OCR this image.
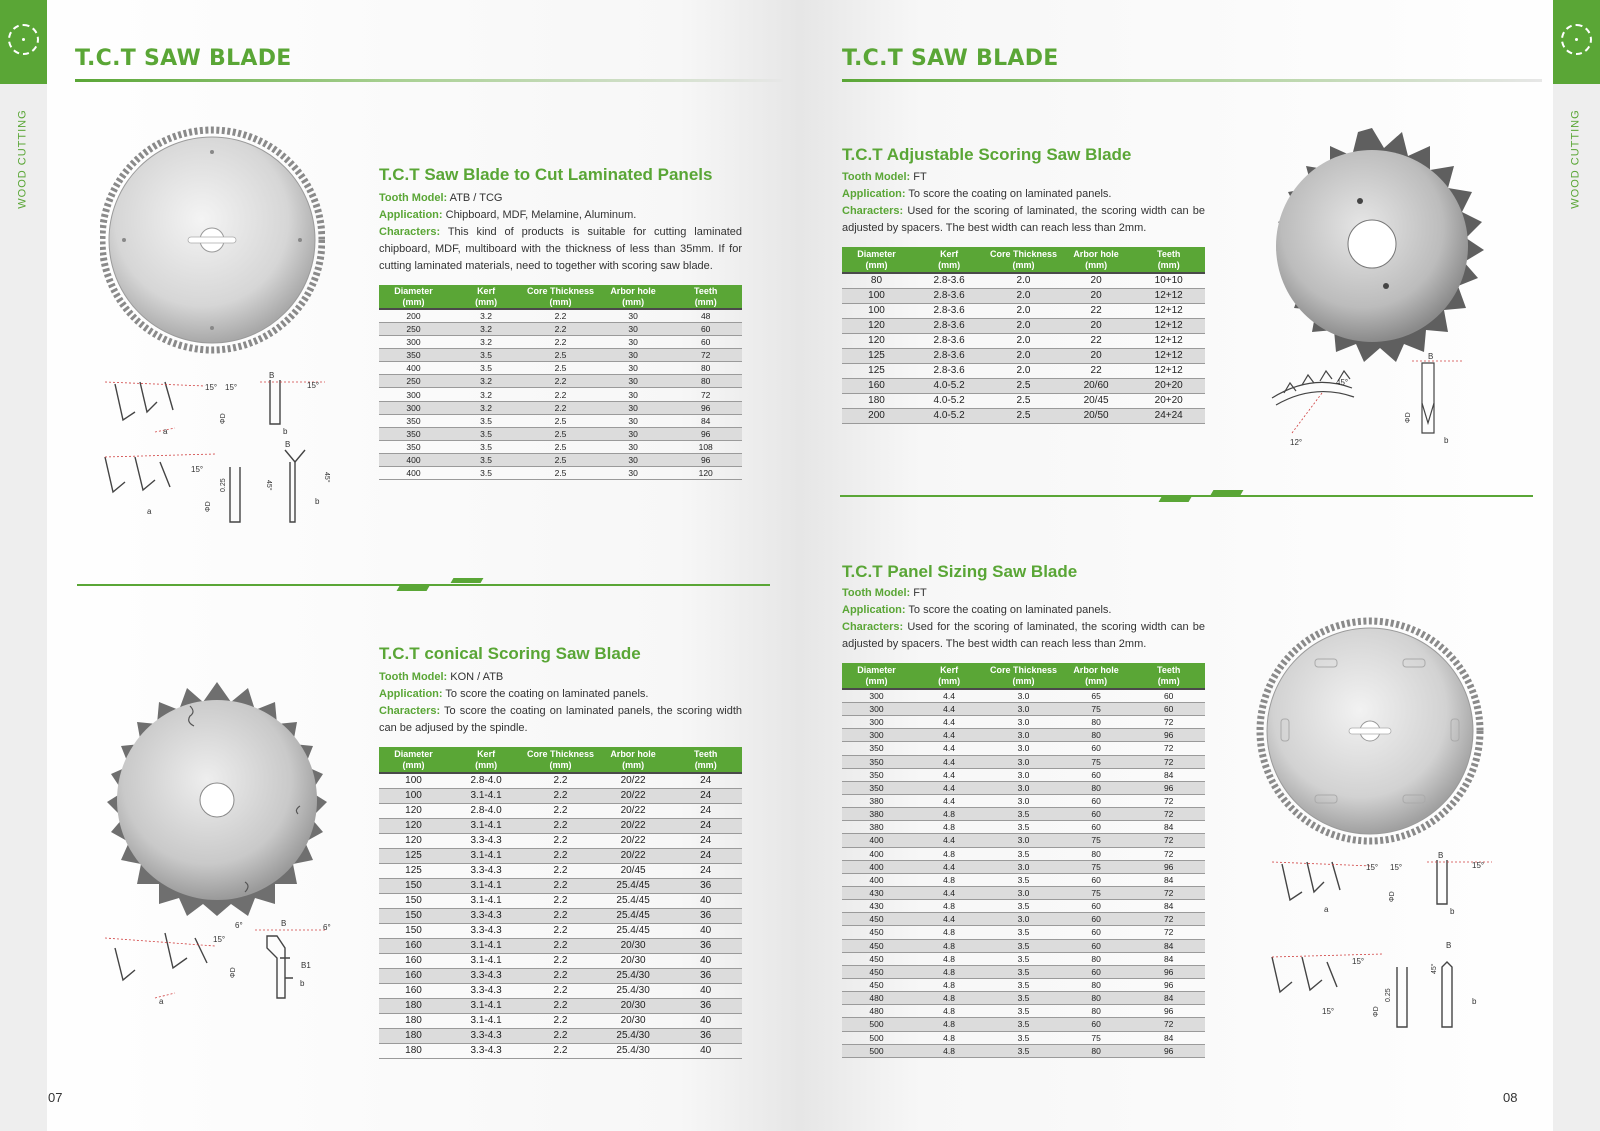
WOOD CUTTING
T.C.T SAW BLADE
15° 15°	15°
B
b
a
15°
a
B
b
ΦD
ΦD
0.25	45°
45°
T.C.T Saw Blade to Cut Laminated Panels
Tooth Model: ATB / TCG
Application: Chipboard, MDF, Melamine, Aluminum.
Characters: This kind of products is suitable for cutting laminated chipboard, MDF, multiboard with the thickness of less than 35mm. If for cutting laminated materials, need to together with scoring saw blade.
Diameter
(mm)	Kerf
(mm)	Core Thickness
(mm)	Arbor hole
(mm)	Teeth
(mm)

200	3.2	2.2	30	48
250	3.2	2.2	30	60
300	3.2	2.2	30	60
350	3.5	2.5	30	72
400	3.5	2.5	30	80
250	3.2	2.2	30	80
300	3.2	2.2	30	72
300	3.2	2.2	30	96
350	3.5	2.5	30	84
350	3.5	2.5	30	96
350	3.5	2.5	30	108
400	3.5	2.5	30	96
400	3.5	2.5	30	120
15°
6°	6°
B
B1
b
a
ΦD
T.C.T conical Scoring Saw Blade
Tooth Model: KON / ATB
Application: To score the coating on laminated panels.
Characters: To score the coating on laminated panels, the scoring width can be adjused by the spindle.
Diameter
(mm)	Kerf
(mm)	Core Thickness
(mm)	Arbor hole
(mm)	Teeth
(mm)

100	2.8-4.0	2.2	20/22	24
100	3.1-4.1	2.2	20/22	24
120	2.8-4.0	2.2	20/22	24
120	3.1-4.1	2.2	20/22	24
120	3.3-4.3	2.2	20/22	24
125	3.1-4.1	2.2	20/22	24
125	3.3-4.3	2.2	20/45	24
150	3.1-4.1	2.2	25.4/45	36
150	3.1-4.1	2.2	25.4/45	40
150	3.3-4.3	2.2	25.4/45	36
150	3.3-4.3	2.2	25.4/45	40
160	3.1-4.1	2.2	20/30	36
160	3.1-4.1	2.2	20/30	40
160	3.3-4.3	2.2	25.4/30	36
160	3.3-4.3	2.2	25.4/30	40
180	3.1-4.1	2.2	20/30	36
180	3.1-4.1	2.2	20/30	40
180	3.3-4.3	2.2	25.4/30	36
180	3.3-4.3	2.2	25.4/30	40
07
WOOD CUTTING
T.C.T SAW BLADE
T.C.T Adjustable Scoring Saw Blade
Tooth Model: FT
Application: To score the coating on laminated panels.
Characters: Used for the scoring of laminated, the scoring width can be adjusted by spacers. The best width can reach less than 2mm.
Diameter
(mm)	Kerf
(mm)	Core Thickness
(mm)	Arbor hole
(mm)	Teeth
(mm)

80	2.8-3.6	2.0	20	10+10
100	2.8-3.6	2.0	20	12+12
100	2.8-3.6	2.0	22	12+12
120	2.8-3.6	2.0	20	12+12
120	2.8-3.6	2.0	22	12+12
125	2.8-3.6	2.0	20	12+12
125	2.8-3.6	2.0	22	12+12
160	4.0-5.2	2.5	20/60	20+20
180	4.0-5.2	2.5	20/45	20+20
200	4.0-5.2	2.5	20/50	24+24
45°
12°
B
b
ΦD
T.C.T Panel Sizing Saw Blade
Tooth Model: FT
Application: To score the coating on laminated panels.
Characters: Used for the scoring of laminated, the scoring width can be adjusted by spacers. The best width can reach less than 2mm.
Diameter
(mm)	Kerf
(mm)	Core Thickness
(mm)	Arbor hole
(mm)	Teeth
(mm)

300	4.4	3.0	65	60
300	4.4	3.0	75	60
300	4.4	3.0	80	72
300	4.4	3.0	80	96
350	4.4	3.0	60	72
350	4.4	3.0	75	72
350	4.4	3.0	60	84
350	4.4	3.0	80	96
380	4.4	3.0	60	72
380	4.8	3.5	60	72
380	4.8	3.5	60	84
400	4.4	3.0	75	72
400	4.8	3.5	80	72
400	4.4	3.0	75	96
400	4.8	3.5	60	84
430	4.4	3.0	75	72
430	4.8	3.5	60	84
450	4.4	3.0	60	72
450	4.8	3.5	60	72
450	4.8	3.5	60	84
450	4.8	3.5	80	84
450	4.8	3.5	60	96
450	4.8	3.5	80	96
480	4.8	3.5	80	84
480	4.8	3.5	80	96
500	4.8	3.5	60	72
500	4.8	3.5	75	84
500	4.8	3.5	80	96
15° 15°	15°
B
b
a
15°
15°
B
b
ΦD
ΦD
0.25
45°
08
